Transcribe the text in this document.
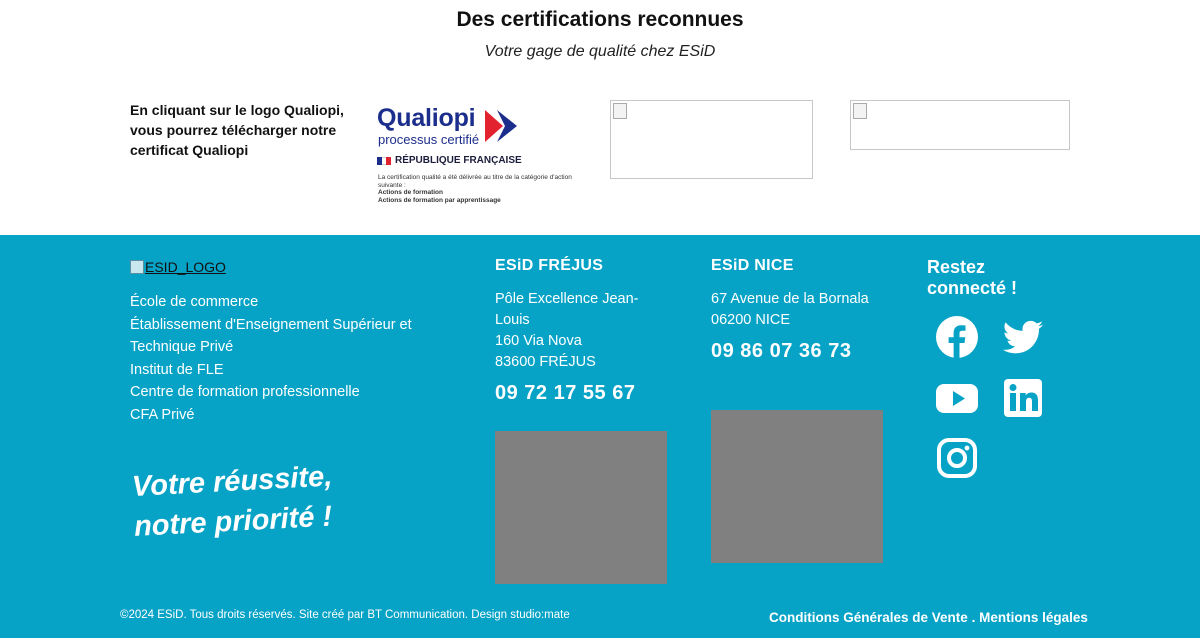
Des certifications reconnues

Votre gage de qualité chez ESiD

En cliquant sur le logo Qualiopi, vous pourrez télécharger notre certificat Qualiopi

Qualiopi
processus certifié
RÉPUBLIQUE FRANÇAISE
La certification qualité a été délivrée au titre de la catégorie d'action suivante :
Actions de formation
Actions de formation par apprentissage
ESID_LOGO
École de commerce
Établissement d'Enseignement Supérieur et Technique Privé
Institut de FLE
Centre de formation professionnelle
CFA Privé
Votre réussite,
notre priorité !
ESiD FRÉJUS
Pôle Excellence Jean-Louis
160 Via Nova
83600 FRÉJUS
09 72 17 55 67
ESiD NICE
67 Avenue de la Bornala
06200 NICE
09 86 07 36 73
Restez connecté !
©2024 ESiD. Tous droits réservés. Site créé par BT Communication. Design studio:mate	Conditions Générales de Vente . Mentions légales
